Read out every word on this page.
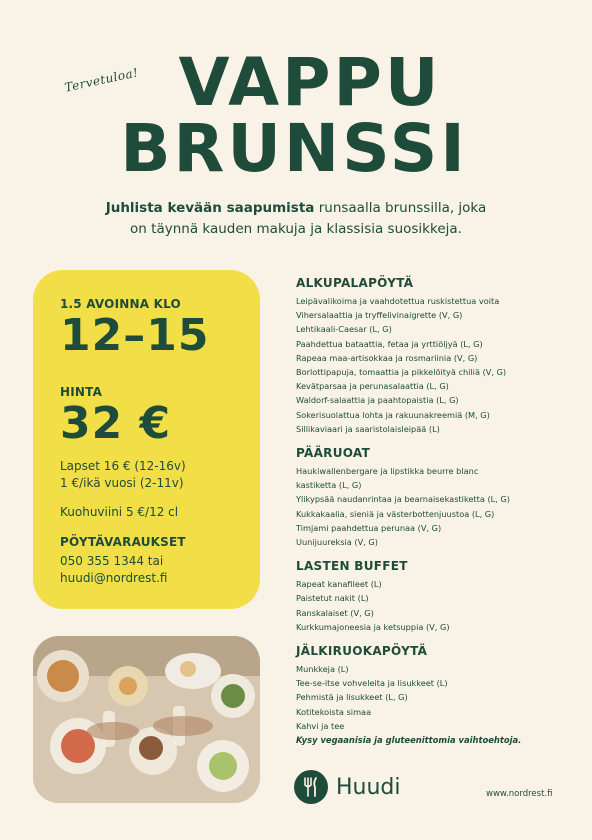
Tervetuloa! VAPPU
BRUNSSI
Juhlista kevään saapumista runsaalla brunssilla, joka
on täynnä kauden makuja ja klassisia suosikkeja.
1.5 AVOINNA KLO
12–15
HINTA
32 €
Lapset 16 € (12-16v)
1 €/ikä vuosi (2-11v)
Kuohuviini 5 €/12 cl
PÖYTÄVARAUKSET
050 355 1344 tai
huudi@nordrest.fi
ALKUPALAPÖYTÄ
Leipävalikoima ja vaahdotettua ruskistettua voita
Vihersalaattia ja tryffelivinaigrette (V, G)
Lehtikaali-Caesar (L, G)
Paahdettua bataattia, fetaa ja yrttiöljyä (L, G)
Rapeaa maa-artisokkaa ja rosmariinia (V, G)
Borlottipapuja, tomaattia ja pikkelöityä chiliä (V, G)
Kevätparsaa ja perunasalaattia (L, G)
Waldorf-salaattia ja paahtopaistia (L, G)
Sokerisuolattua lohta ja rakuunakreemiä (M, G)
Sillikaviaari ja saaristolaisleipää (L)
PÄÄRUOAT
Haukiwallenbergare ja lipstikka beurre blanc
kastiketta (L, G)
Ylikypsää naudanrintaa ja bearnaisekastiketta (L, G)
Kukkakaalia, sieniä ja västerbottenjuustoa (L, G)
Timjami paahdettua perunaa (V, G)
Uunijuureksia (V, G)
LASTEN BUFFET
Rapeat kanafileet (L)
Paistetut nakit (L)
Ranskalaiset (V, G)
Kurkkumajoneesia ja ketsuppia (V, G)
JÄLKIRUOKAPÖYTÄ
Munkkeja (L)
Tee-se-itse vohveleita ja lisukkeet (L)
Pehmistä ja lisukkeet (L, G)
Kotitekoista simaa
Kahvi ja tee
Kysy vegaanisia ja gluteenittomia vaihtoehtoja.
Huudi	www.nordrest.fi
